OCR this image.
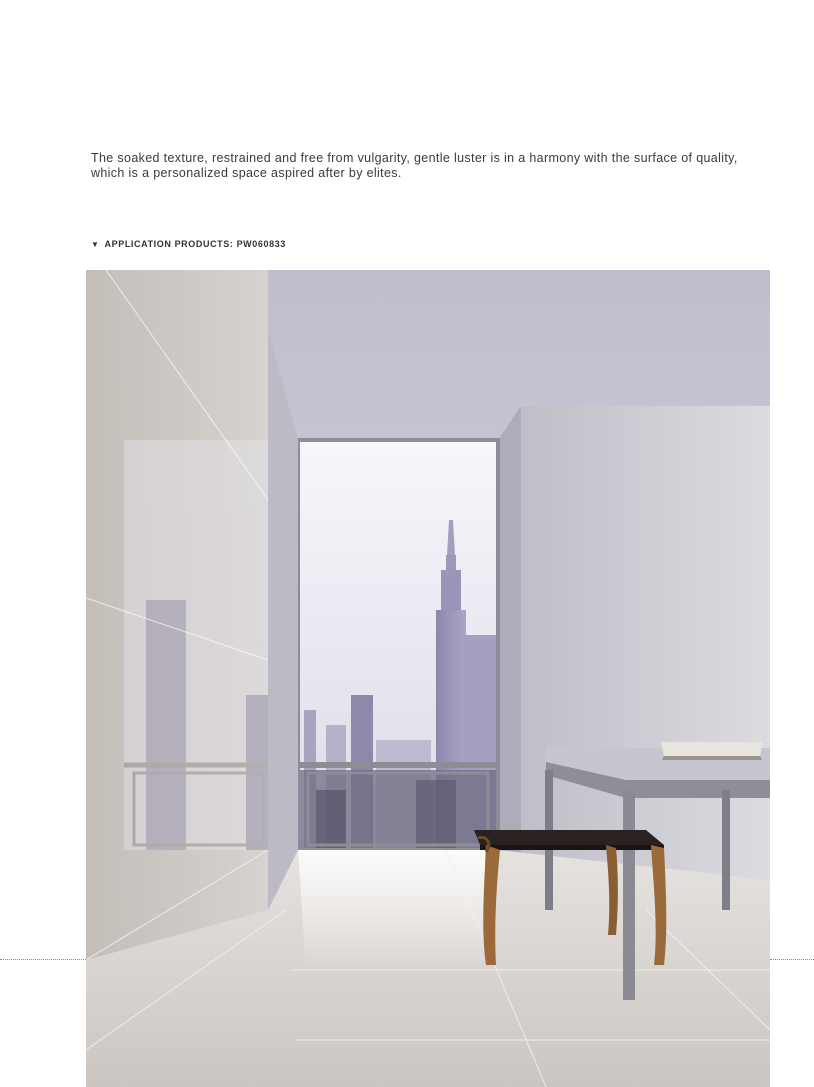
The soaked texture, restrained and free from vulgarity, gentle luster is in a harmony with the surface of quality,
which is a personalized space aspired after by elites.

▼ APPLICATION PRODUCTS: PW060833
